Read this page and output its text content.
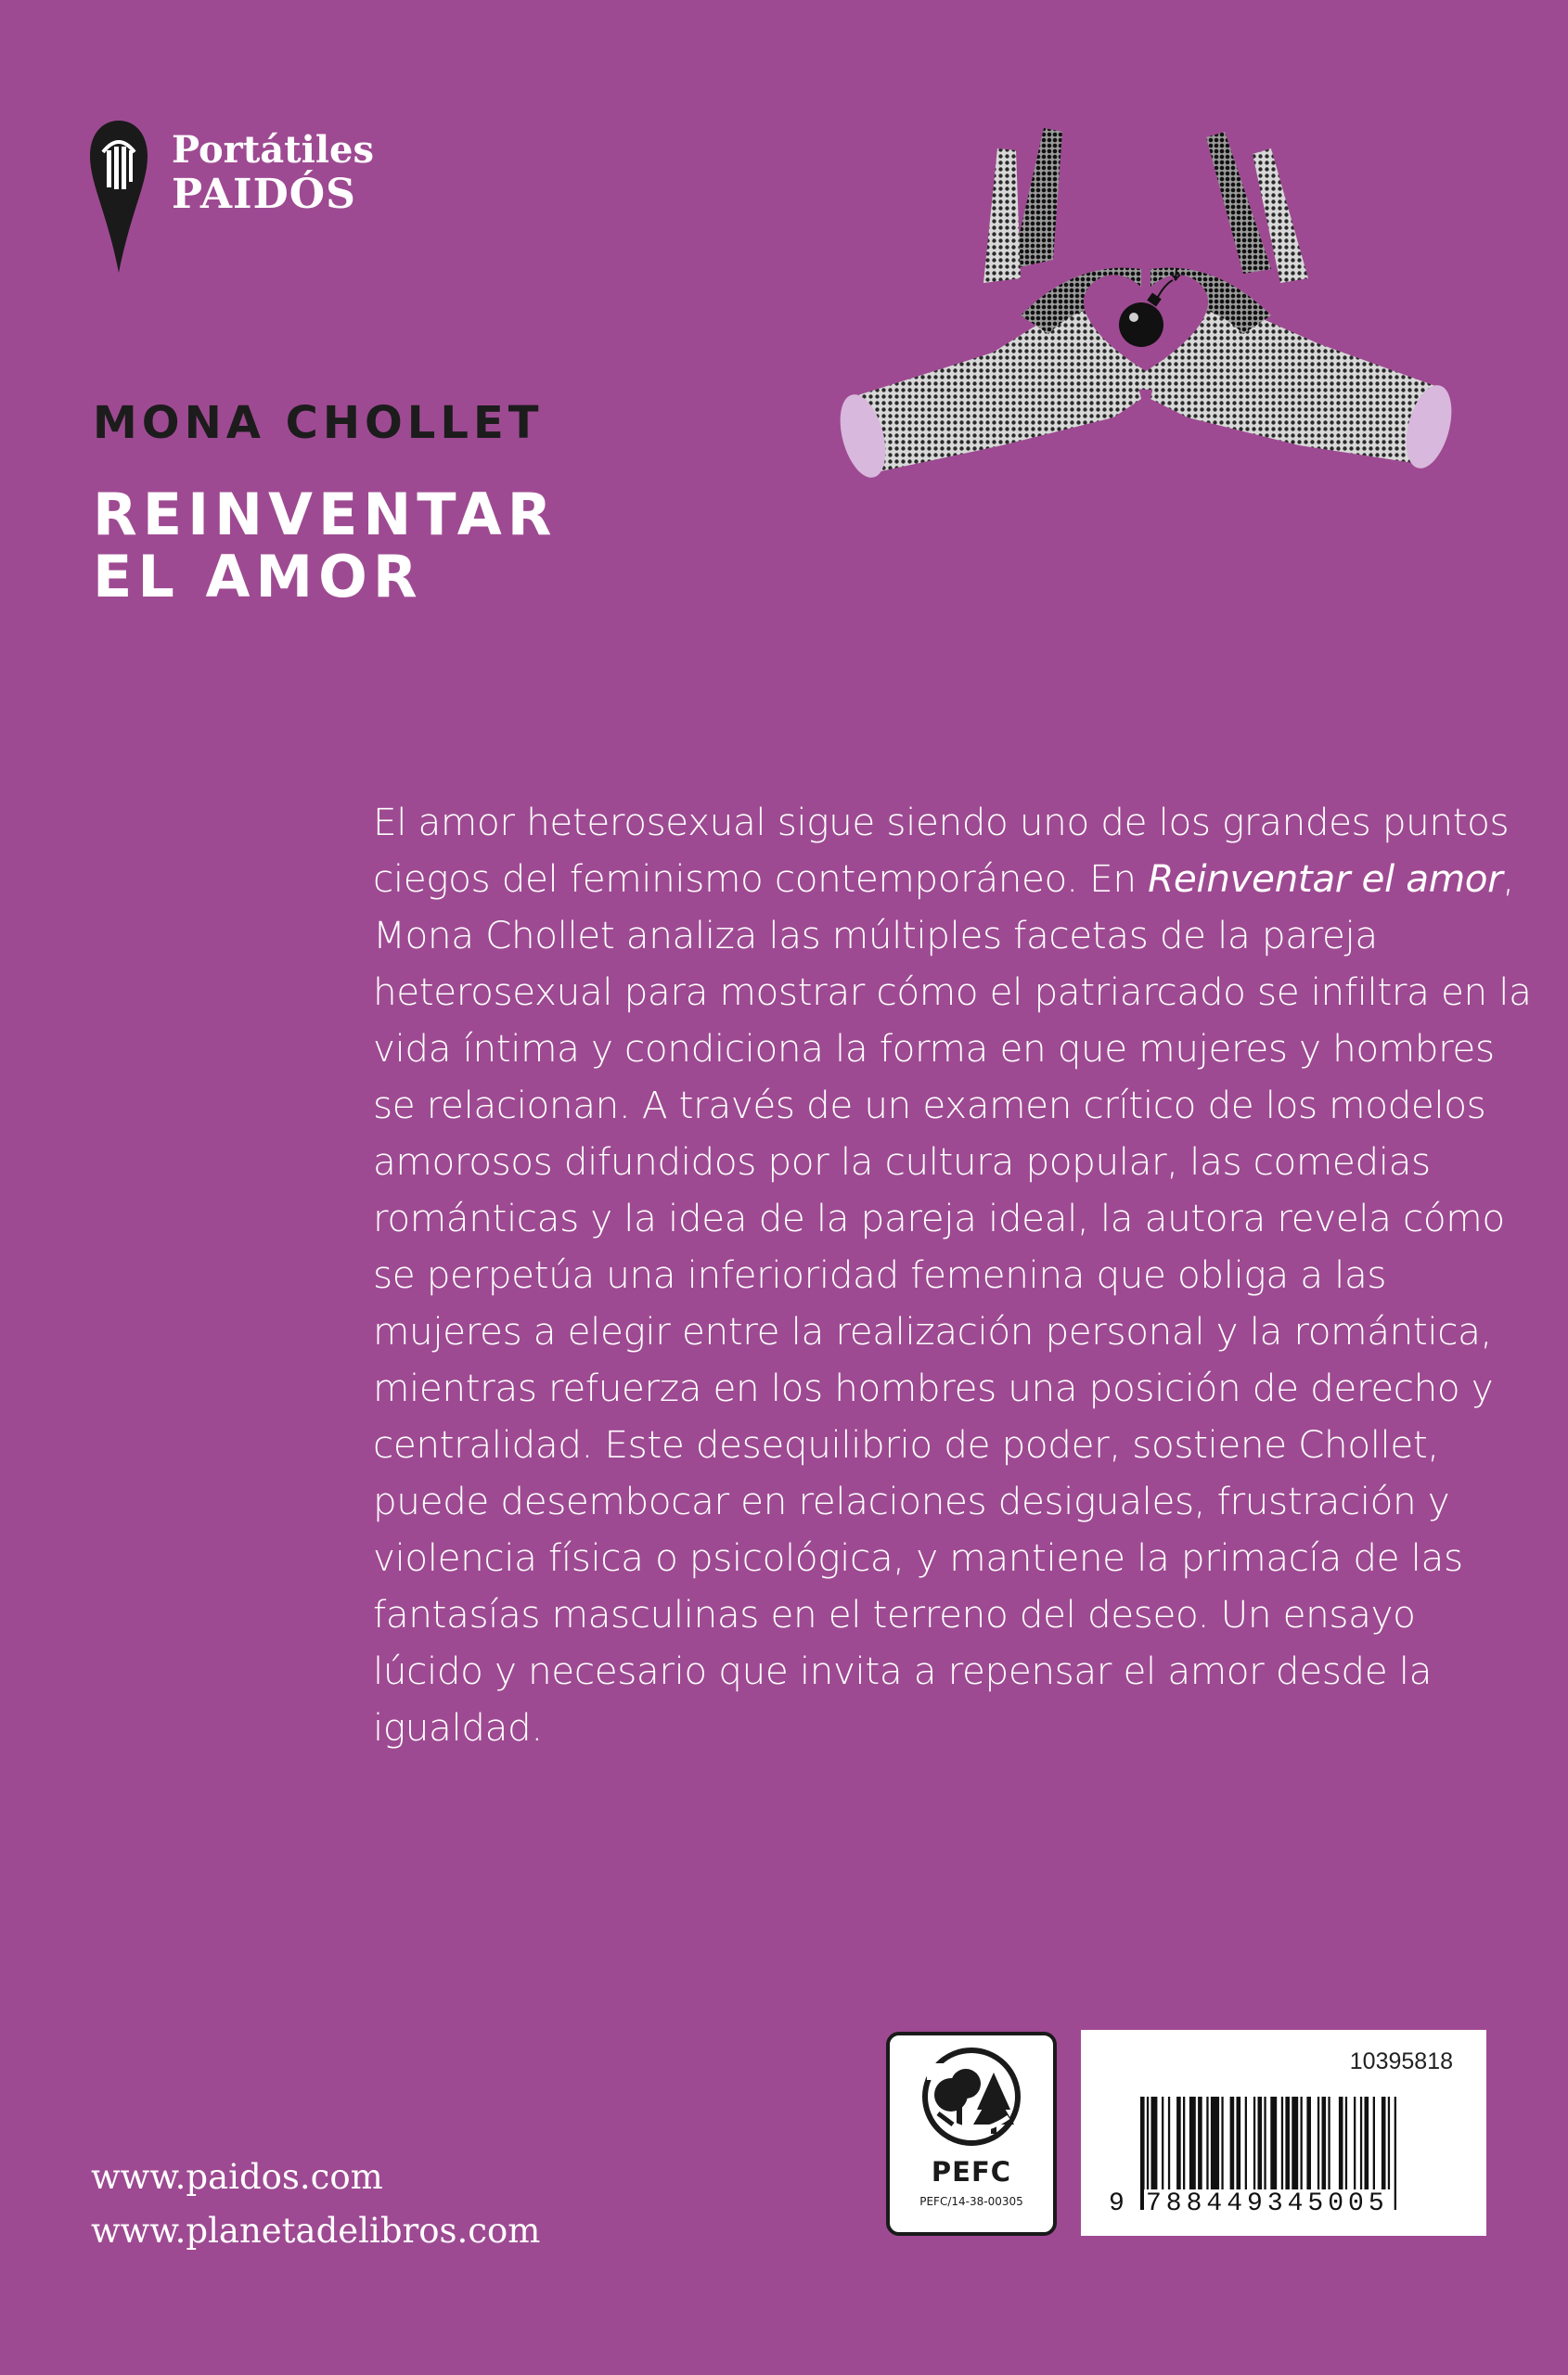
Portátiles
PAIDÓS
MONA CHOLLET
REINVENTAR
EL AMOR

El amor heterosexual sigue siendo uno de los grandes puntos ciegos del feminismo contemporáneo. En Reinventar el amor, Mona Chollet analiza las múltiples facetas de la pareja heterosexual para mostrar cómo el patriarcado se infiltra en la vida íntima y condiciona la forma en que mujeres y hombres se relacionan. A través de un examen crítico de los modelos amorosos difundidos por la cultura popular, las comedias románticas y la idea de la pareja ideal, la autora revela cómo se perpetúa una inferioridad femenina que obliga a las mujeres a elegir entre la realización personal y la romántica, mientras refuerza en los hombres una posición de derecho y centralidad. Este desequilibrio de poder, sostiene Chollet, puede desembocar en relaciones desiguales, frustración y violencia física o psicológica, y mantiene la primacía de las fantasías masculinas en el terreno del deseo. Un ensayo lúcido y necesario que invita a repensar el amor desde la igualdad.

www.paidos.com
www.planetadelibros.com
PEFC
PEFC/14-38-00305
10395818
9 788449345005
